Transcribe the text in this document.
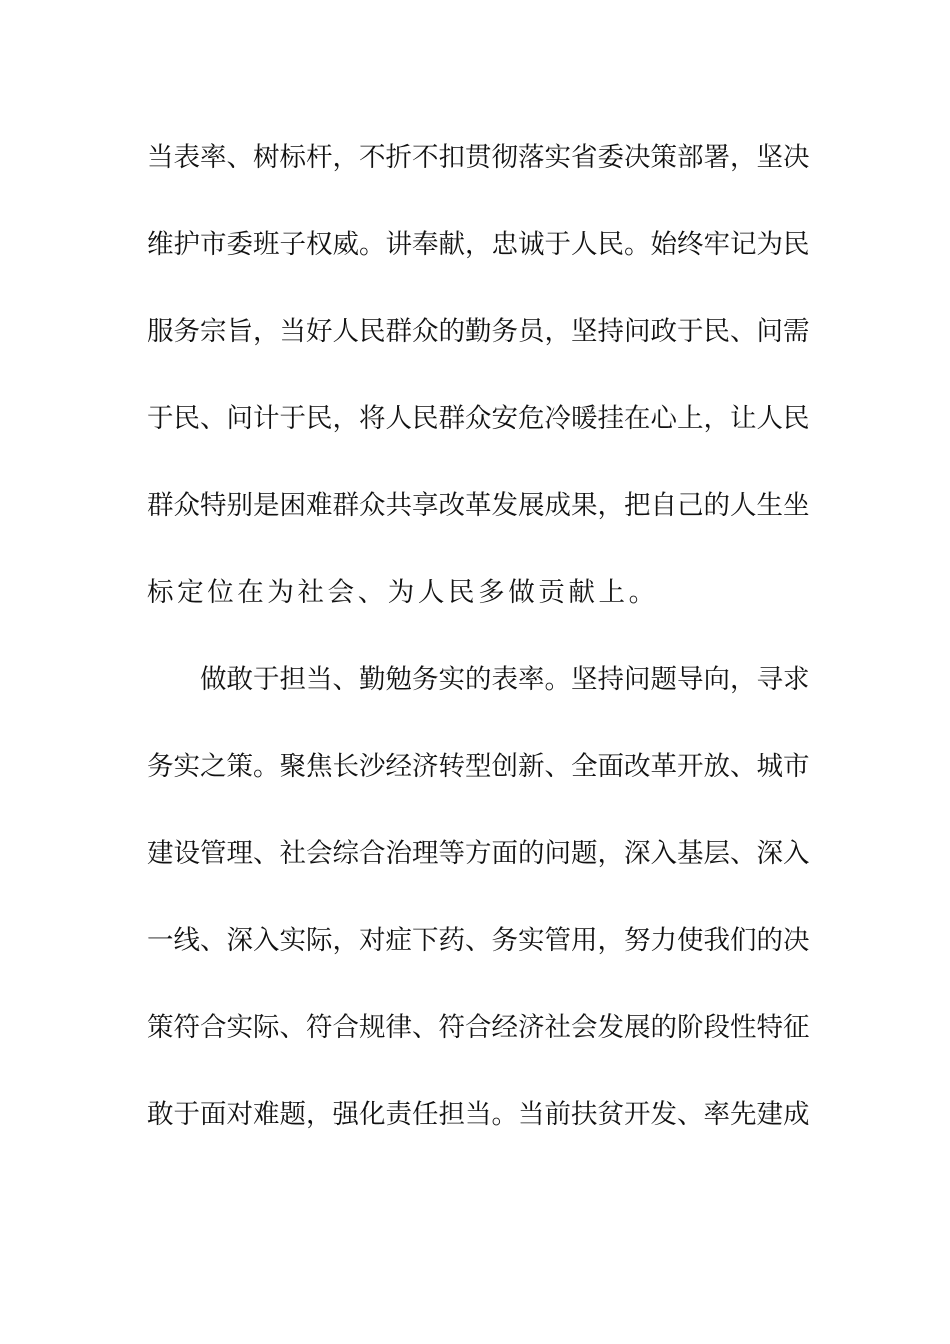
当表率、树标杆，不折不扣贯彻落实省委决策部署，坚决
维护市委班子权威。讲奉献，忠诚于人民。始终牢记为民
服务宗旨，当好人民群众的勤务员，坚持问政于民、问需
于民、问计于民，将人民群众安危冷暖挂在心上，让人民
群众特别是困难群众共享改革发展成果，把自己的人生坐
标定位在为社会、为人民多做贡献上。
做敢于担当、勤勉务实的表率。坚持问题导向，寻求
务实之策。聚焦长沙经济转型创新、全面改革开放、城市
建设管理、社会综合治理等方面的问题，深入基层、深入
一线、深入实际，对症下药、务实管用，努力使我们的决
策符合实际、符合规律、符合经济社会发展的阶段性特征
敢于面对难题，强化责任担当。当前扶贫开发、率先建成
